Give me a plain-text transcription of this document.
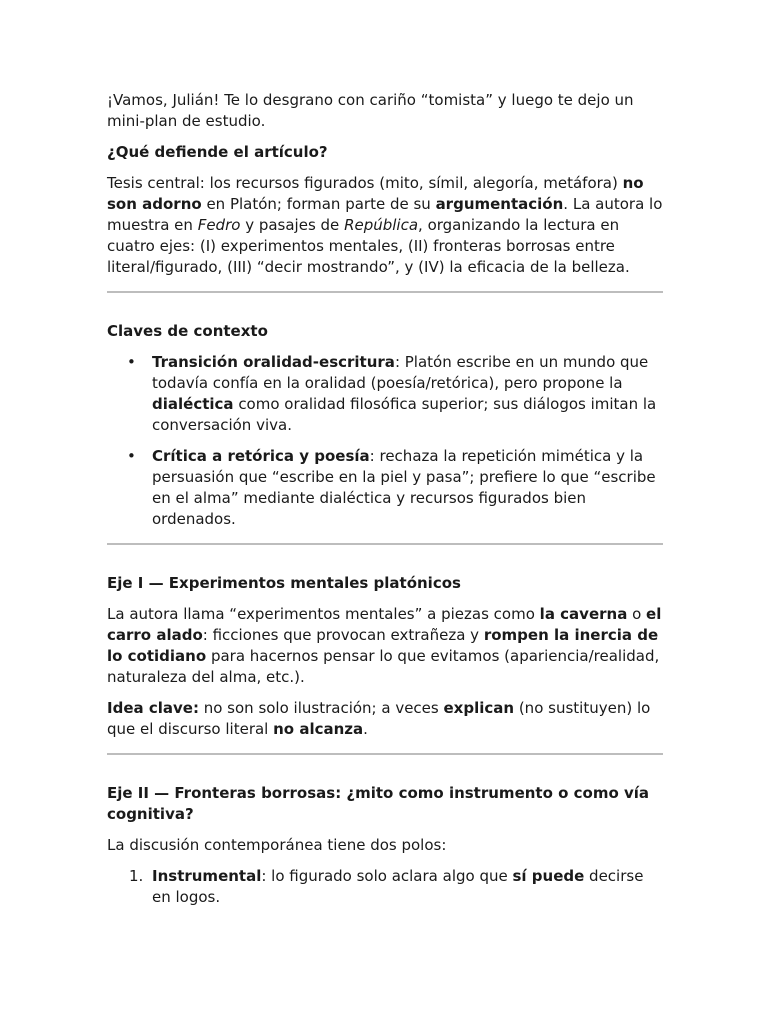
¡Vamos, Julián! Te lo desgrano con cariño “tomista” y luego te dejo un mini-plan de estudio.

¿Qué defiende el artículo?

Tesis central: los recursos figurados (mito, símil, alegoría, metáfora) no son adorno en Platón; forman parte de su argumentación. La autora lo muestra en Fedro y pasajes de República, organizando la lectura en cuatro ejes: (I) experimentos mentales, (II) fronteras borrosas entre literal/figurado, (III) “decir mostrando”, y (IV) la eficacia de la belleza.

Claves de contexto

• Transición oralidad-escritura: Platón escribe en un mundo que todavía confía en la oralidad (poesía/retórica), pero propone la dialéctica como oralidad filosófica superior; sus diálogos imitan la conversación viva.
• Crítica a retórica y poesía: rechaza la repetición mimética y la persuasión que “escribe en la piel y pasa”; prefiere lo que “escribe en el alma” mediante dialéctica y recursos figurados bien ordenados.

Eje I — Experimentos mentales platónicos

La autora llama “experimentos mentales” a piezas como la caverna o el carro alado: ficciones que provocan extrañeza y rompen la inercia de lo cotidiano para hacernos pensar lo que evitamos (apariencia/realidad, naturaleza del alma, etc.).

Idea clave: no son solo ilustración; a veces explican (no sustituyen) lo que el discurso literal no alcanza.

Eje II — Fronteras borrosas: ¿mito como instrumento o como vía cognitiva?

La discusión contemporánea tiene dos polos:

1. Instrumental: lo figurado solo aclara algo que sí puede decirse en logos.
